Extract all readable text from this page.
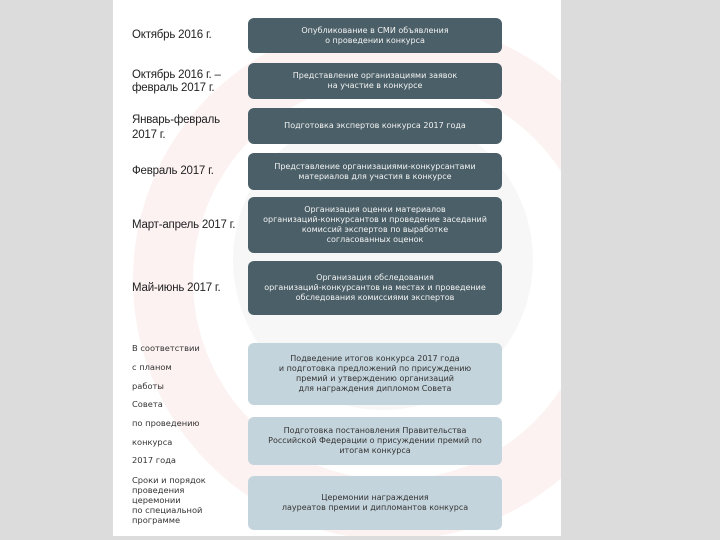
Октябрь 2016 г.
Октябрь 2016 г. –
февраль 2017 г.
Январь-февраль
2017 г.
Февраль 2017 г.
Март-апрель 2017 г.
Май-июнь 2017 г.
В соответствии
с планом
работы
Совета
по проведению
конкурса
2017 года
Сроки и порядок
проведения
церемонии
по специальной
программе
Опубликование в СМИ объявления
о проведении конкурса
Представление организациями заявок
на участие в конкурсе
Подготовка экспертов конкурса 2017 года
Представление организациями-конкурсантами
материалов для участия в конкурсе
Организация оценки материалов
организаций-конкурсантов и проведение заседаний
комиссий экспертов по выработке
согласованных оценок
Организация обследования
организаций-конкурсантов на местах и проведение
обследования комиссиями экспертов
Подведение итогов конкурса 2017 года
и подготовка предложений по присуждению
премий и утверждению организаций
для награждения дипломом Совета
Подготовка постановления Правительства
Российской Федерации о присуждении премий по
итогам конкурса
Церемонии награждения
лауреатов премии и дипломантов конкурса
